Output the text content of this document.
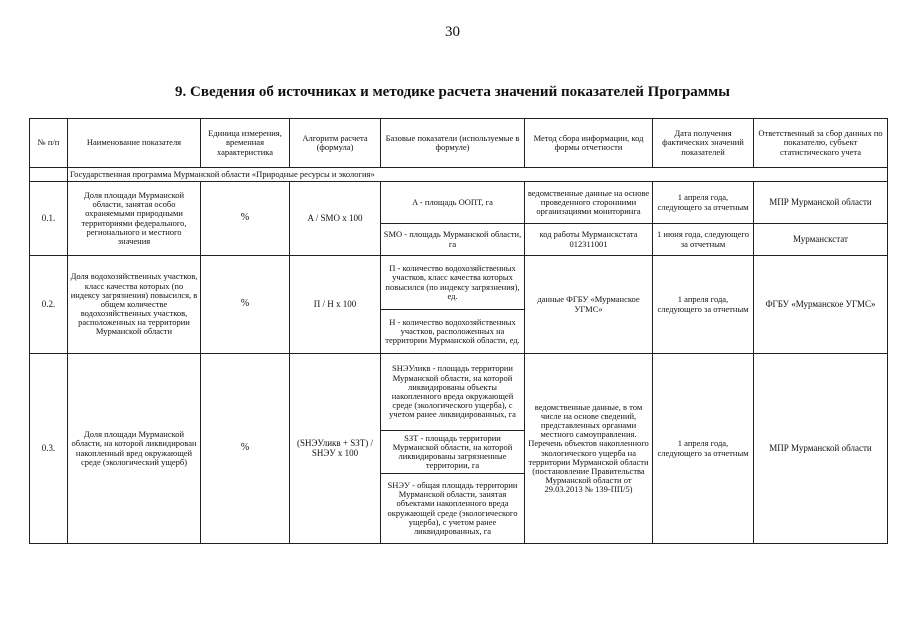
30
9. Сведения об источниках и методике расчета значений показателей Программы
№ п/п	Наименование показателя	Единица измерения, временная характеристика	Алгоритм расчета (формула)	Базовые показатели (используемые в формуле)	Метод сбора информации, код формы отчетности	Дата получения фактических значений показателей	Ответственный за сбор данных по показателю, субъект статистического учета
	Государственная программа Мурманской области «Природные ресурсы и экология»						
0.1.	Доля площади Мурманской области, занятая особо охраняемыми природными территориями федерального, регионального и местного значения	%	A / SMO x 100	A - площадь ООПТ, га	ведомственные данные на основе проведенного сторонними организациями мониторинга	1 апреля года, следующего за отчетным	МПР Мурманской области
				SMO - площадь Мурманской области, га	код работы Мурманскстата 012311001	1 июня года, следующего за отчетным	Мурманскстат
0.2.	Доля водохозяйственных участков, класс качества которых (по индексу загрязнения) повысился, в общем количестве водохозяйственных участков, расположенных на территории Мурманской области	%	П / Н х 100	П - количество водохозяйственных участков, класс качества которых повысился (по индексу загрязнения), ед.	данные ФГБУ «Мурманское УГМС»	1 апреля года, следующего за отчетным	ФГБУ «Мурманское УГМС»
				Н - количество водохозяйственных участков, расположенных на территории Мурманской области, ед.			
0.3.	Доля площади Мурманской области, на которой ликвидирован накопленный вред окружающей среде (экологический ущерб)	%	(SНЭУликв + SЗТ) / SНЭУ х 100	SНЭУликв - площадь территории Мурманской области, на которой ликвидированы объекты накопленного вреда окружающей среде (экологического ущерба), с учетом ранее ликвидированных, га	ведомственные данные, в том числе на основе сведений, представленных органами местного самоуправления. Перечень объектов накопленного экологического ущерба на территории Мурманской области (постановление Правительства Мурманской области от 29.03.2013 № 139-ПП/5)	1 апреля года, следующего за отчетным	МПР Мурманской области
				SЗТ - площадь территории Мурманской области, на которой ликвидированы загрязненные территории, га			
				SНЭУ - общая площадь территории Мурманской области, занятая объектами накопленного вреда окружающей среде (экологического ущерба), с учетом ранее ликвидированных, га			
